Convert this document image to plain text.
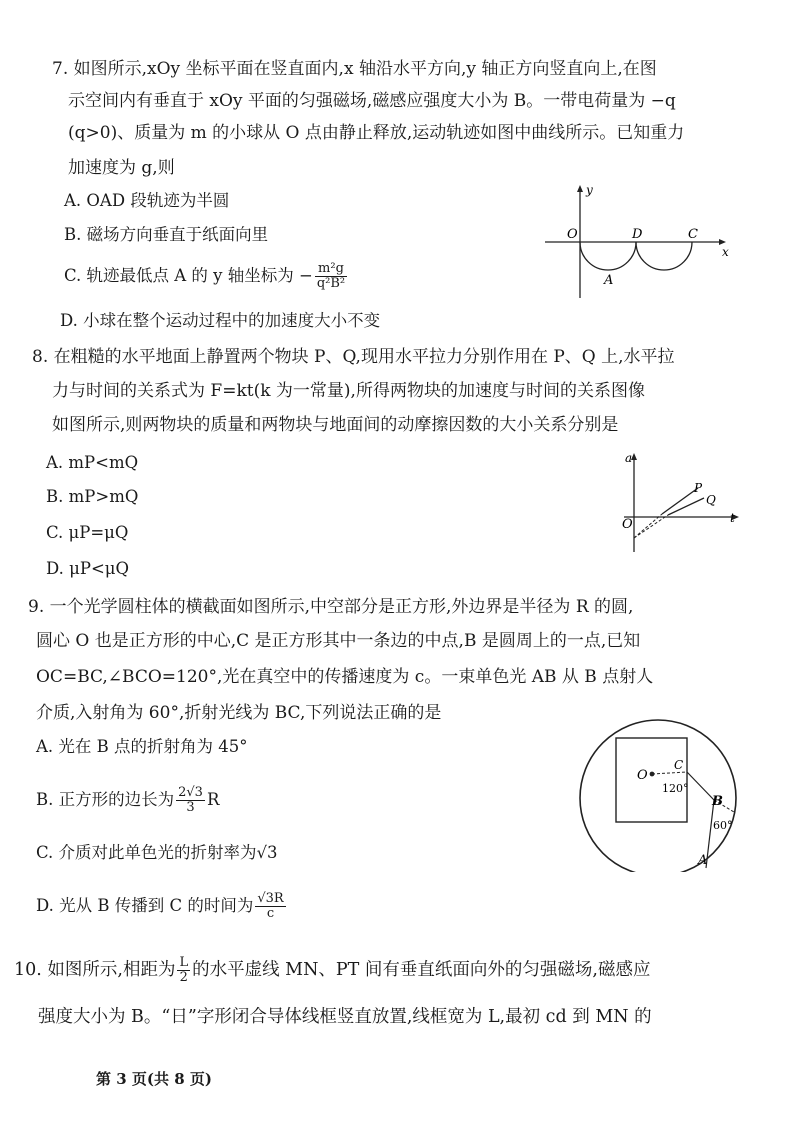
7. 如图所示,xOy 坐标平面在竖直面内,x 轴沿水平方向,y 轴正方向竖直向上,在图
示空间内有垂直于 xOy 平面的匀强磁场,磁感应强度大小为 B。一带电荷量为 −q
(q>0)、质量为 m 的小球从 O 点由静止释放,运动轨迹如图中曲线所示。已知重力
加速度为 g,则
A. OAD 段轨迹为半圆
B. 磁场方向垂直于纸面向里
C. 轨迹最低点 A 的 y 轴坐标为 − $\frac{\text{m²g}}{\text{q²B²}}$
D. 小球在整个运动过程中的加速度大小不变
y
x
O	D	C
A
8. 在粗糙的水平地面上静置两个物块 P、Q,现用水平拉力分别作用在 P、Q 上,水平拉
力与时间的关系式为 F=kt(k 为一常量),所得两物块的加速度与时间的关系图像
如图所示,则两物块的质量和两物块与地面间的动摩擦因数的大小关系分别是
A. mP<mQ
B. mP>mQ
C. μP=μQ
D. μP<μQ
a
t
O
P
Q
9. 一个光学圆柱体的横截面如图所示,中空部分是正方形,外边界是半径为 R 的圆,
圆心 O 也是正方形的中心,C 是正方形其中一条边的中点,B 是圆周上的一点,已知
OC=BC,∠BCO=120°,光在真空中的传播速度为 c。一束单色光 AB 从 B 点射人
介质,入射角为 60°,折射光线为 BC,下列说法正确的是
A. 光在 B 点的折射角为 45°
B. 正方形的边长为 $\frac{2√3}{3}$ R
C. 介质对此单色光的折射率为√3
D. 光从 B 传播到 C 的时间为 $\frac{√3R}{c}$
O
C
120°
B
60°
A
10. 如图所示,相距为 $\frac{L}{2}$ 的水平虚线 MN、PT 间有垂直纸面向外的匀强磁场,磁感应
强度大小为 B。“日”字形闭合导体线框竖直放置,线框宽为 L,最初 cd 到 MN 的
第 3 页(共 8 页)
